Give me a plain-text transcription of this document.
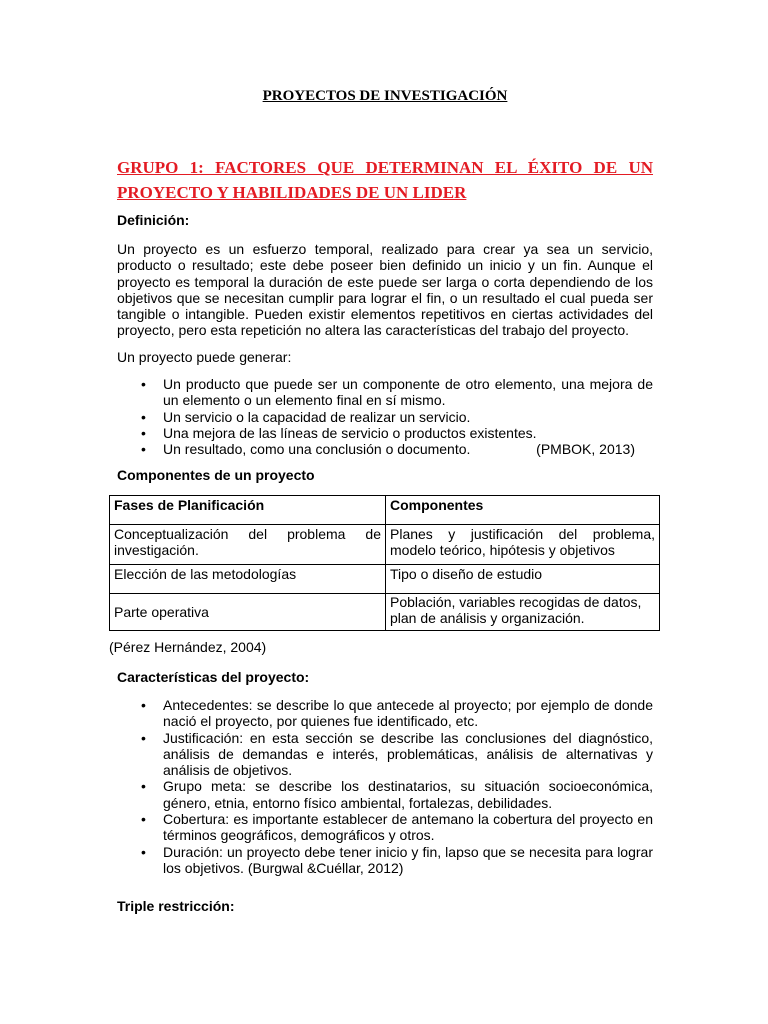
PROYECTOS DE INVESTIGACIÓN
GRUPO 1: FACTORES QUE DETERMINAN EL ÉXITO DE UN PROYECTO Y HABILIDADES DE UN LIDER
Definición:
Un proyecto es un esfuerzo temporal, realizado para crear ya sea un servicio, producto o resultado; este debe poseer bien definido un inicio y un fin. Aunque el proyecto es temporal la duración de este puede ser larga o corta dependiendo de los objetivos que se necesitan cumplir para lograr el fin, o un resultado el cual pueda ser tangible o intangible. Pueden existir elementos repetitivos en ciertas actividades del proyecto, pero esta repetición no altera las características del trabajo del proyecto.
Un proyecto puede generar:
• Un producto que puede ser un componente de otro elemento, una mejora de un elemento o un elemento final en sí mismo.
• Un servicio o la capacidad de realizar un servicio.
• Una mejora de las líneas de servicio o productos existentes.
• Un resultado, como una conclusión o documento.	(PMBOK, 2013)
Componentes de un proyecto
Fases de Planificación	Componentes
Conceptualización del problema de investigación.	Planes y justificación del problema, modelo teórico, hipótesis y objetivos
Elección de las metodologías	Tipo o diseño de estudio
Parte operativa	Población, variables recogidas de datos, plan de análisis y organización.
(Pérez Hernández, 2004)
Características del proyecto:
• Antecedentes: se describe lo que antecede al proyecto; por ejemplo de donde nació el proyecto, por quienes fue identificado, etc.
• Justificación: en esta sección se describe las conclusiones del diagnóstico, análisis de demandas e interés, problemáticas, análisis de alternativas y análisis de objetivos.
• Grupo meta: se describe los destinatarios, su situación socioeconómica, género, etnia, entorno físico ambiental, fortalezas, debilidades.
• Cobertura: es importante establecer de antemano la cobertura del proyecto en términos geográficos, demográficos y otros.
• Duración: un proyecto debe tener inicio y fin, lapso que se necesita para lograr los objetivos. (Burgwal &Cuéllar, 2012)
Triple restricción:
